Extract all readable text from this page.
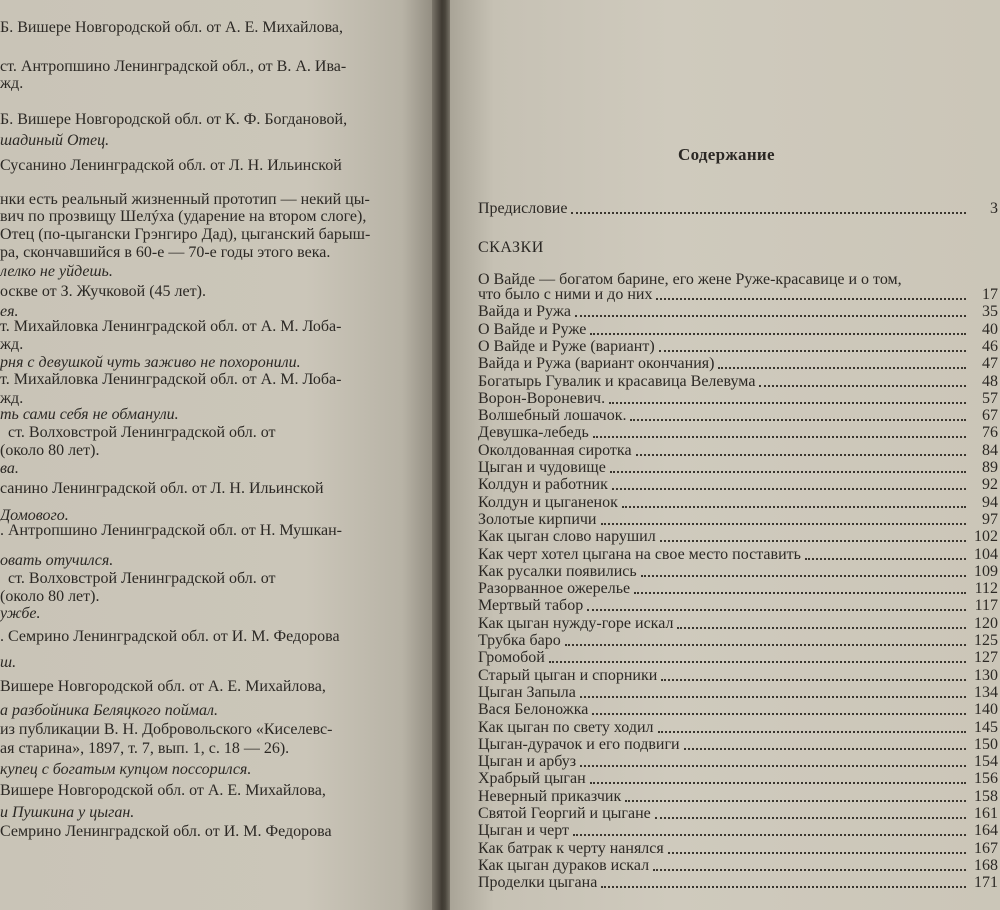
Б. Вишере Новгородской обл. от А. Е. Михайлова,
ст. Антропшино Ленинградской обл., от В. А. Ива-
жд.
Б. Вишере Новгородской обл. от К. Ф. Богдановой,
шадиный Отец.
Сусанино Ленинградской обл. от Л. Н. Ильинской
нки есть реальный жизненный прототип — некий цы-
вич по прозвищу Шелýха (ударение на втором слоге),
Отец (по-цыгански Грэнгиро Дад), цыганский барыш-
ра, скончавшийся в 60-е — 70-е годы этого века.
лелко не уйдешь.
оскве от З. Жучковой (45 лет).
ея.
т. Михайловка Ленинградской обл. от А. М. Лоба-
жд.
рня с девушкой чуть заживо не похоронили.
т. Михайловка Ленинградской обл. от А. М. Лоба-
жд.
ть сами себя не обманули.
ст. Волховстрой Ленинградской обл. от
(около 80 лет).
ва.
санино Ленинградской обл. от Л. Н. Ильинской
Домового.
. Антропшино Ленинградской обл. от Н. Мушкан-
овать отучился.
ст. Волховстрой Ленинградской обл. от
(около 80 лет).
ужбе.
. Семрино Ленинградской обл. от И. М. Федорова
ш.
Вишере Новгородской обл. от А. Е. Михайлова,
а разбойника Беляцкого поймал.
из публикации В. Н. Добровольского «Киселевс-
ая старина», 1897, т. 7, вып. 1, с. 18 — 26).
купец с богатым купцом поссорился.
Вишере Новгородской обл. от А. Е. Михайлова,
и Пушкина у цыган.
Семрино Ленинградской обл. от И. М. Федорова
Содержание
Предисловие	3
СКАЗКИ
О Вайде — богатом барине, его жене Руже-красавице и о том,
что было с ними и до них	17
Вайда и Ружа	35
О Вайде и Руже	40
О Вайде и Руже (вариант)	46
Вайда и Ружа (вариант окончания)	47
Богатырь Гувалик и красавица Велевума	48
Ворон-Вороневич.	57
Волшебный лошачок.	67
Девушка-лебедь	76
Околдованная сиротка	84
Цыган и чудовище	89
Колдун и работник	92
Колдун и цыганенок	94
Золотые кирпичи	97
Как цыган слово нарушил	102
Как черт хотел цыгана на свое место поставить	104
Как русалки появились	109
Разорванное ожерелье	112
Мертвый табор	117
Как цыган нужду-горе искал	120
Трубка баро	125
Громобой	127
Старый цыган и спорники	130
Цыган Запыла	134
Вася Белоножка	140
Как цыган по свету ходил	145
Цыган-дурачок и его подвиги	150
Цыган и арбуз	154
Храбрый цыган	156
Неверный приказчик	158
Святой Георгий и цыгане	161
Цыган и черт	164
Как батрак к черту нанялся	167
Как цыган дураков искал	168
Проделки цыгана	171
